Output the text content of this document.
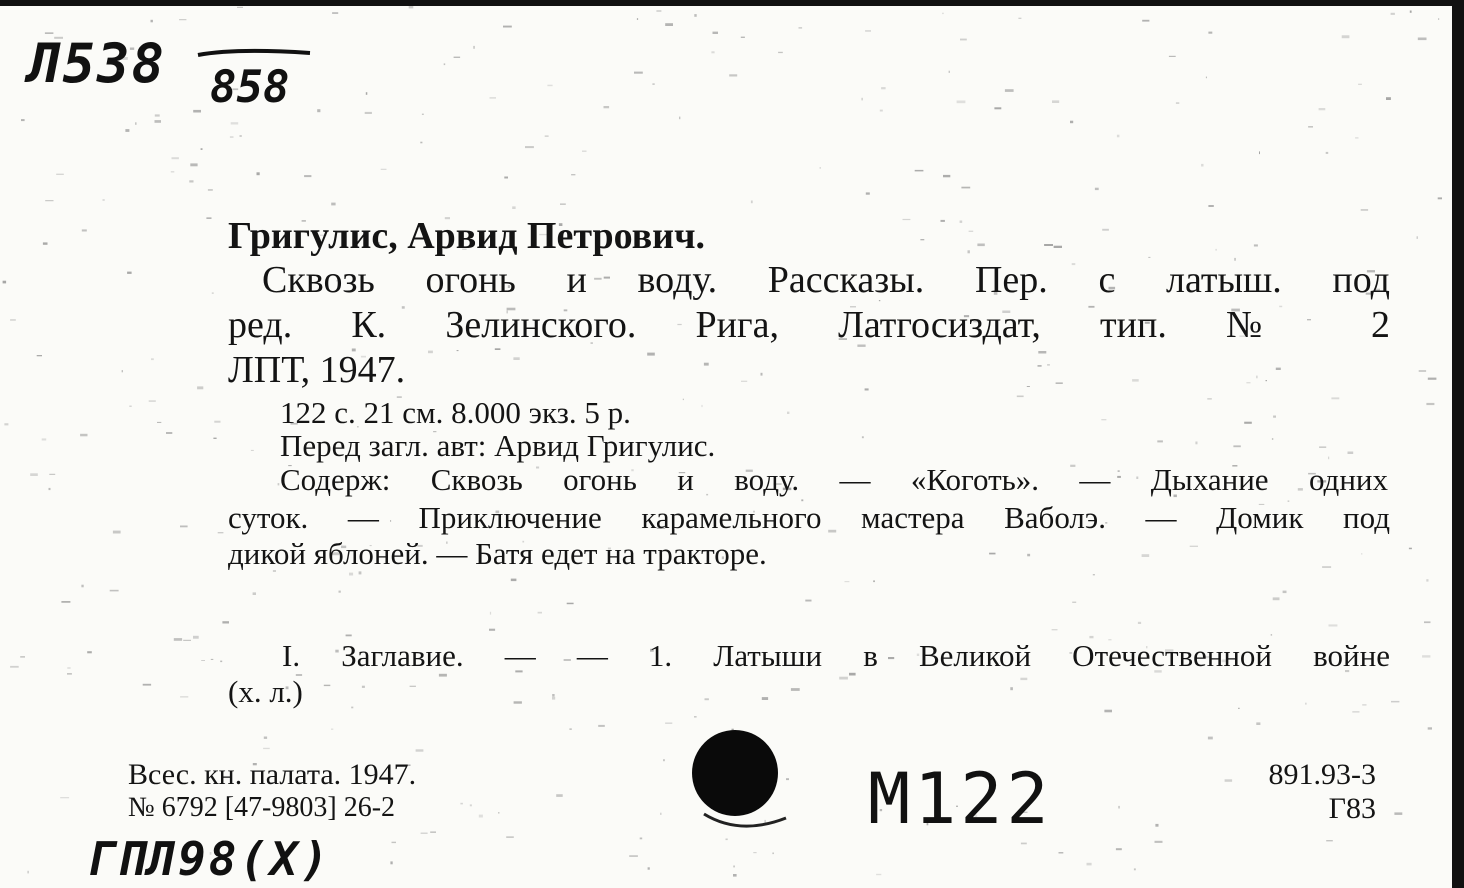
Л538 858
Григулис, Арвид Петрович.
Сквозь огонь и воду. Рассказы. Пер. с латыш. под
ред. К. Зелинского. Рига, Латгосиздат, тип. № 2
ЛПТ, 1947.
122 с. 21 см. 8.000 экз. 5 р.
Перед загл. авт: Арвид Григулис.
Содерж: Сквозь огонь и воду. — «Коготь». — Дыхание одних
суток. — Приключение карамельного мастера Ваболэ. — Домик под
дикой яблоней. — Батя едет на тракторе.
I. Заглавие. — — 1. Латыши в Великой Отечественной войне
(х. л.)
Всес. кн. палата. 1947.
№ 6792 [47-9803] 26-2	M122	891.93-3
Г83
ГПЛ98(Х)
